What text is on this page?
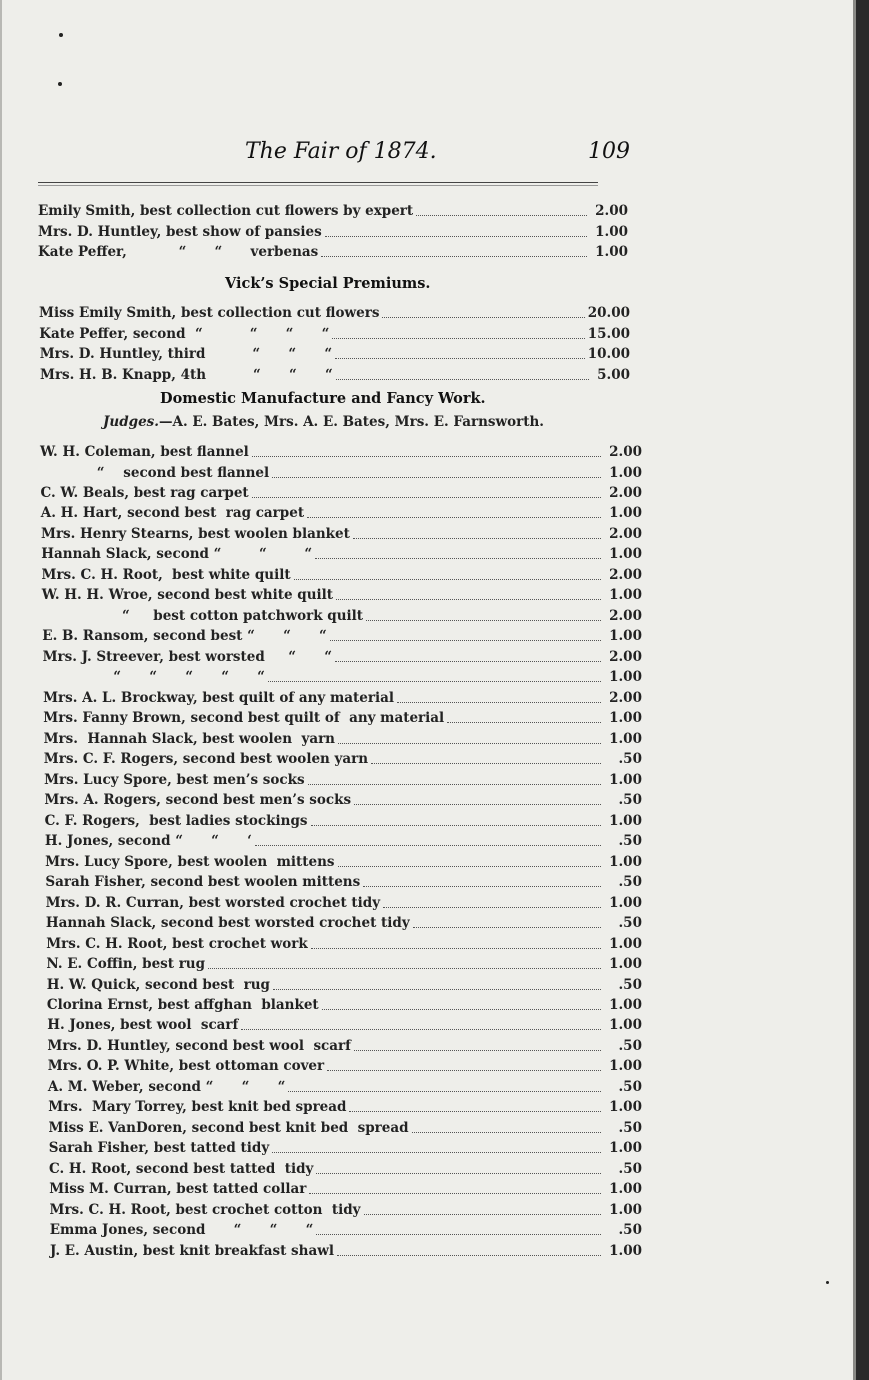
The Fair of 1874.	109
Emily Smith, best collection cut flowers by expert	2.00
Mrs. D. Huntley, best show of pansies	1.00
Kate Peffer,           “      “      verbenas	1.00
Vick’s Special Premiums.
Miss Emily Smith, best collection cut flowers	20.00
Kate Peffer, second  “          “      “      “	15.00
Mrs. D. Huntley, third          “      “      “	10.00
Mrs. H. B. Knapp, 4th          “      “      “	5.00
Domestic Manufacture and Fancy Work.
Judges.—A. E. Bates, Mrs. A. E. Bates, Mrs. E. Farnsworth.
W. H. Coleman, best flannel	2.00
“    second best flannel	1.00
C. W. Beals, best rag carpet	2.00
A. H. Hart, second best  rag carpet	1.00
Mrs. Henry Stearns, best woolen blanket	2.00
Hannah Slack, second “        “        “	1.00
Mrs. C. H. Root,  best white quilt	2.00
W. H. H. Wroe, second best white quilt	1.00
“     best cotton patchwork quilt	2.00
E. B. Ransom, second best “      “      “	1.00
Mrs. J. Streever, best worsted     “      “	2.00
“      “      “      “      “	1.00
Mrs. A. L. Brockway, best quilt of any material	2.00
Mrs. Fanny Brown, second best quilt of  any material	1.00
Mrs.  Hannah Slack, best woolen  yarn	1.00
Mrs. C. F. Rogers, second best woolen yarn	.50
Mrs. Lucy Spore, best men’s socks	1.00
Mrs. A. Rogers, second best men’s socks	.50
C. F. Rogers,  best ladies stockings	1.00
H. Jones, second “      “      ‘	.50
Mrs. Lucy Spore, best woolen  mittens	1.00
Sarah Fisher, second best woolen mittens	.50
Mrs. D. R. Curran, best worsted crochet tidy	1.00
Hannah Slack, second best worsted crochet tidy	.50
Mrs. C. H. Root, best crochet work	1.00
N. E. Coffin, best rug	1.00
H. W. Quick, second best  rug	.50
Clorina Ernst, best affghan  blanket	1.00
H. Jones, best wool  scarf	1.00
Mrs. D. Huntley, second best wool  scarf	.50
Mrs. O. P. White, best ottoman cover	1.00
A. M. Weber, second “      “      “	.50
Mrs.  Mary Torrey, best knit bed spread	1.00
Miss E. VanDoren, second best knit bed  spread	.50
Sarah Fisher, best tatted tidy	1.00
C. H. Root, second best tatted  tidy	.50
Miss M. Curran, best tatted collar	1.00
Mrs. C. H. Root, best crochet cotton  tidy	1.00
Emma Jones, second      “      “      “	.50
J. E. Austin, best knit breakfast shawl	1.00
